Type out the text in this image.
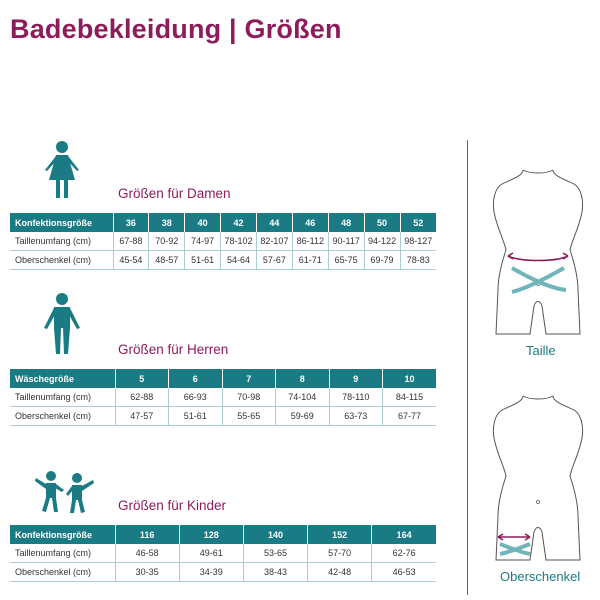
Badebekleidung | Größen
Größen für Damen
Konfektionsgröße	36	38	40	42	44	46	48	50	52
Taillenumfang (cm)	67-88	70-92	74-97	78-102	82-107	86-112	90-117	94-122	98-127
Oberschenkel (cm)	45-54	48-57	51-61	54-64	57-67	61-71	65-75	69-79	78-83
Größen für Herren
Wäschegröße	5	6	7	8	9	10
Taillenumfang (cm)	62-88	66-93	70-98	74-104	78-110	84-115
Oberschenkel (cm)	47-57	51-61	55-65	59-69	63-73	67-77
Größen für Kinder
Konfektionsgröße	116	128	140	152	164
Taillenumfang (cm)	46-58	49-61	53-65	57-70	62-76
Oberschenkel (cm)	30-35	34-39	38-43	42-48	46-53
Taille
Oberschenkel
